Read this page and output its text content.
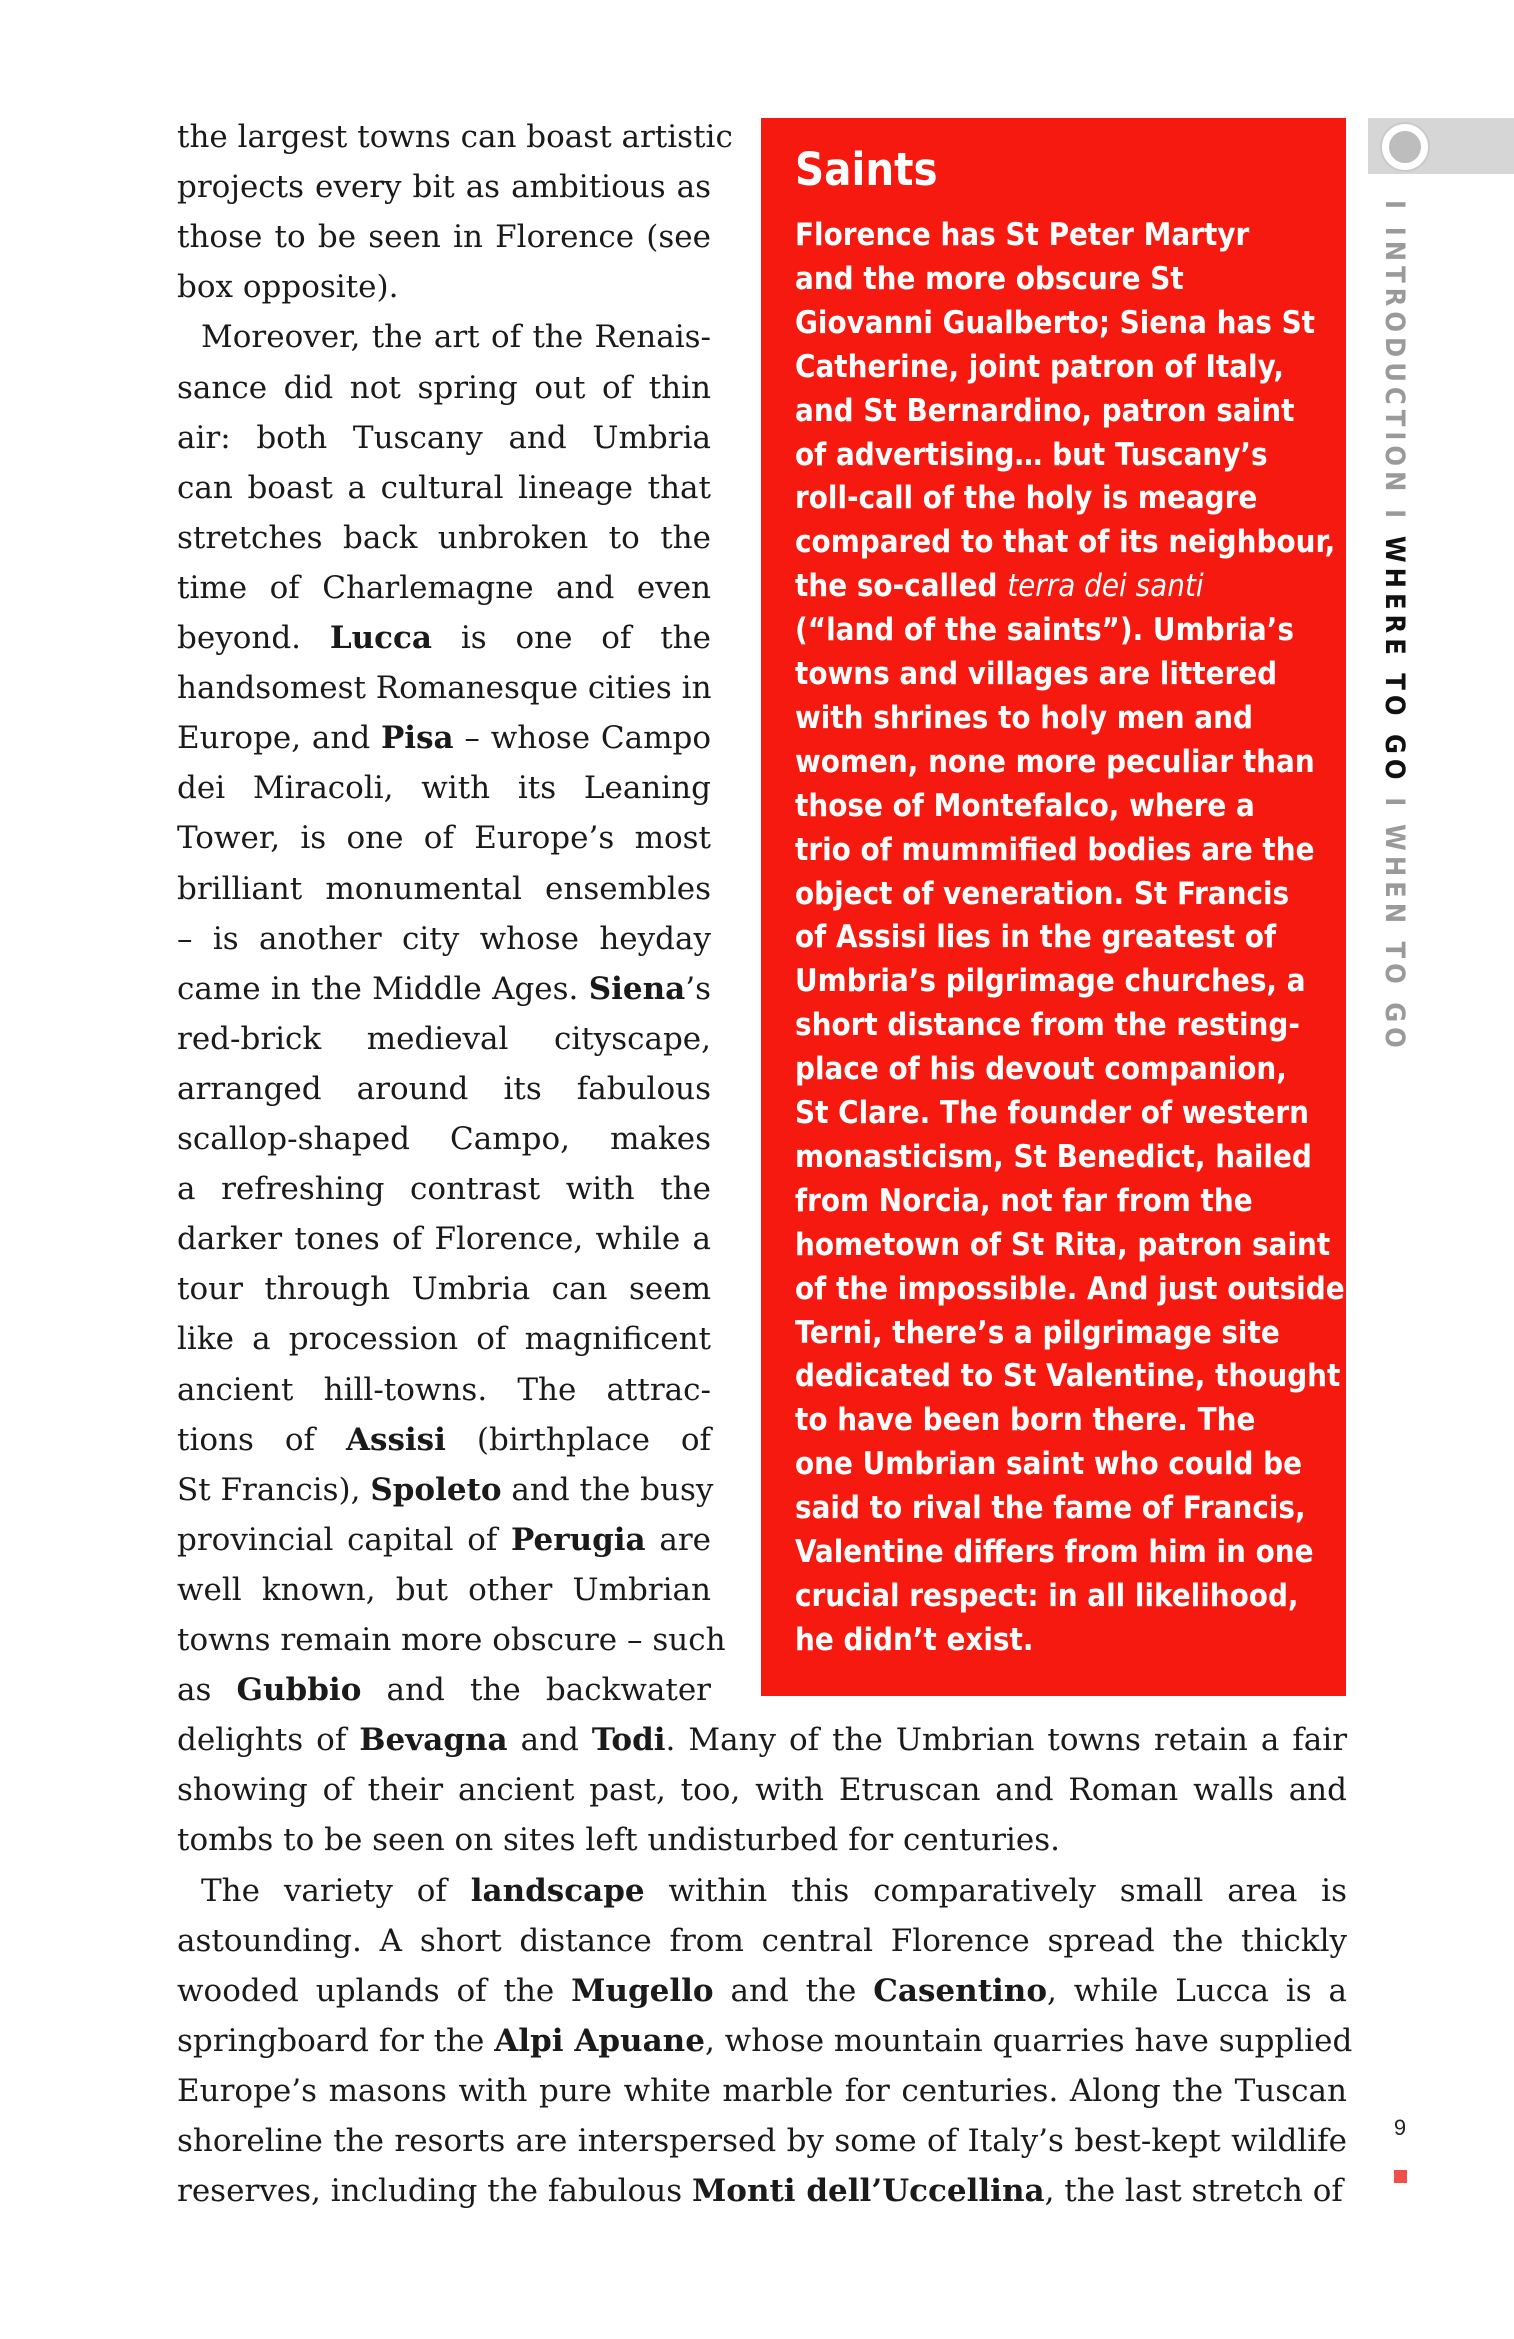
the largest towns can boast artistic
projects every bit as ambitious as
those to be seen in Florence (see
box opposite).
Moreover, the art of the Renais-
sance did not spring out of thin
air: both Tuscany and Umbria
can boast a cultural lineage that
stretches back unbroken to the
time of Charlemagne and even
beyond. Lucca is one of the
handsomest Romanesque cities in
Europe, and Pisa – whose Campo
dei Miracoli, with its Leaning
Tower, is one of Europe’s most
brilliant monumental ensembles
– is another city whose heyday
came in the Middle Ages. Siena’s
red-brick medieval cityscape,
arranged around its fabulous
scallop-shaped Campo, makes
a refreshing contrast with the
darker tones of Florence, while a
tour through Umbria can seem
like a procession of magnificent
ancient hill-towns. The attrac-
tions of Assisi (birthplace of
St Francis), Spoleto and the busy
provincial capital of Perugia are
well known, but other Umbrian
towns remain more obscure – such
as Gubbio and the backwater
delights of Bevagna and Todi. Many of the Umbrian towns retain a fair
showing of their ancient past, too, with Etruscan and Roman walls and
tombs to be seen on sites left undisturbed for centuries.
The variety of landscape within this comparatively small area is
astounding. A short distance from central Florence spread the thickly
wooded uplands of the Mugello and the Casentino, while Lucca is a
springboard for the Alpi Apuane, whose mountain quarries have supplied
Europe’s masons with pure white marble for centuries. Along the Tuscan
shoreline the resorts are interspersed by some of Italy’s best-kept wildlife
reserves, including the fabulous Monti dell’Uccellina, the last stretch of
Saints
Florence has St Peter Martyr
and the more obscure St
Giovanni Gualberto; Siena has St
Catherine, joint patron of Italy,
and St Bernardino, patron saint
of advertising… but Tuscany’s
roll-call of the holy is meagre
compared to that of its neighbour,
the so-called terra dei santi
(“land of the saints”). Umbria’s
towns and villages are littered
with shrines to holy men and
women, none more peculiar than
those of Montefalco, where a
trio of mummified bodies are the
object of veneration. St Francis
of Assisi lies in the greatest of
Umbria’s pilgrimage churches, a
short distance from the resting-
place of his devout companion,
St Clare. The founder of western
monasticism, St Benedict, hailed
from Norcia, not far from the
hometown of St Rita, patron saint
of the impossible. And just outside
Terni, there’s a pilgrimage site
dedicated to St Valentine, thought
to have been born there. The
one Umbrian saint who could be
said to rival the fame of Francis,
Valentine differs from him in one
crucial respect: in all likelihood,
he didn’t exist.
I INTRODUCTION I WHERE TO GO I WHEN TO GO
9
